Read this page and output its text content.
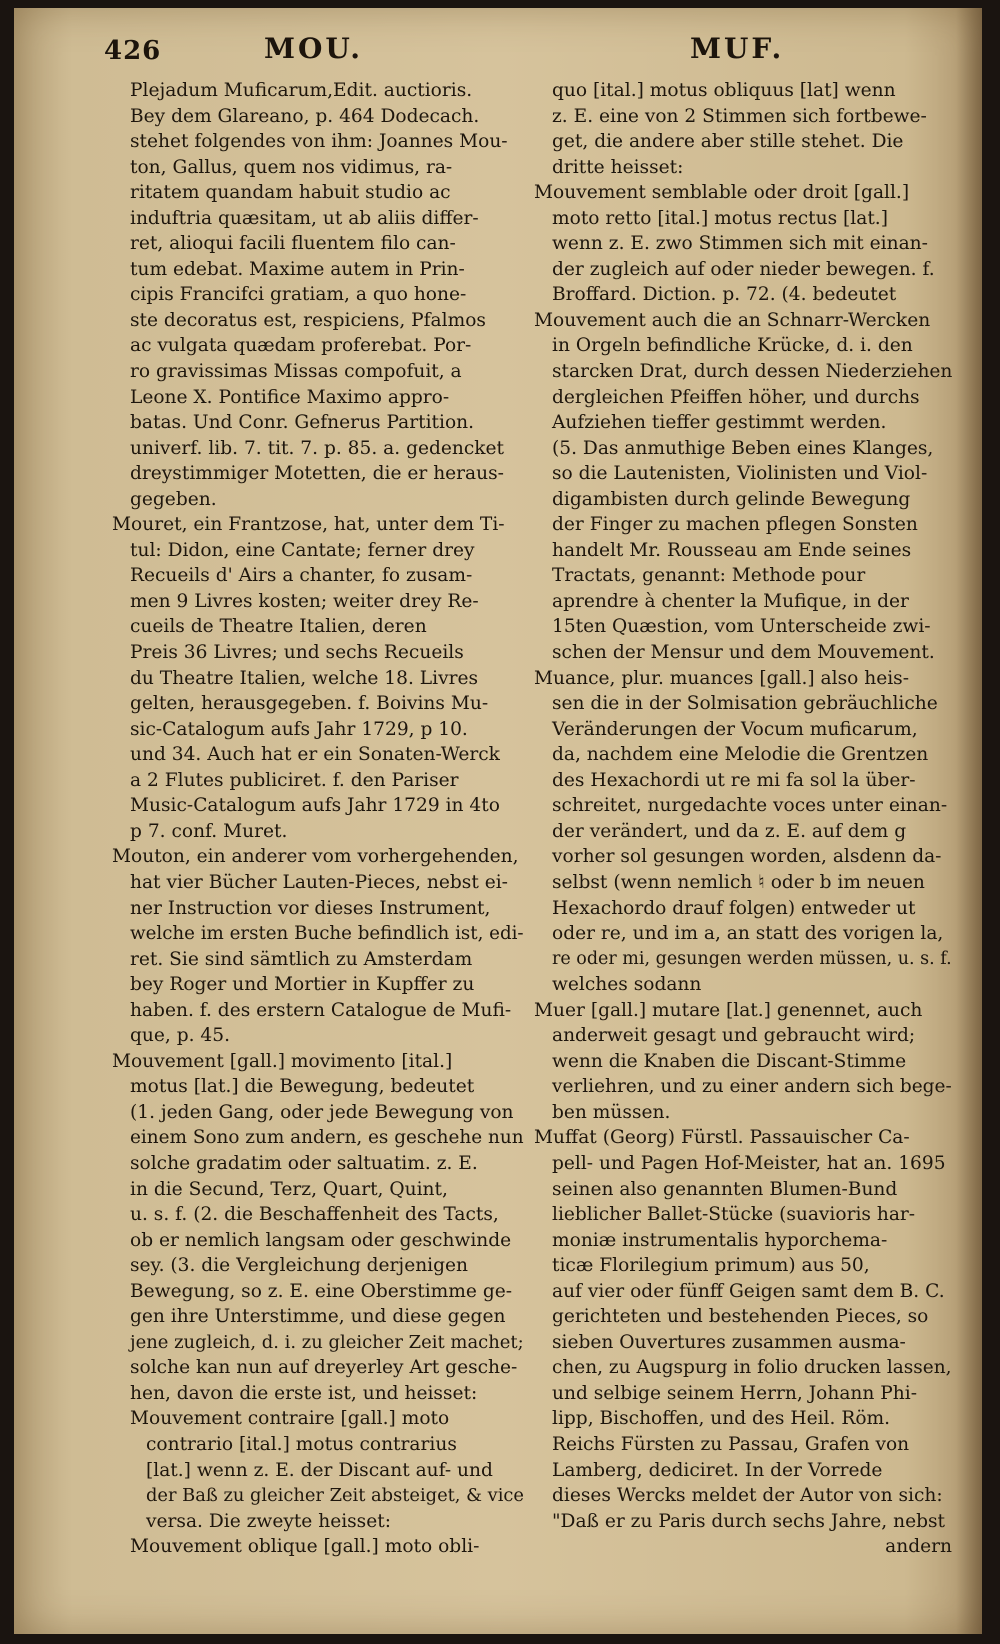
426	MOU.	MUF.
Plejadum Muficarum,Edit. auctioris.
Bey dem Glareano, p. 464 Dodecach.
stehet folgendes von ihm: Joannes Mou-
ton, Gallus, quem nos vidimus, ra-
ritatem quandam habuit studio ac
induftria quæsitam, ut ab aliis differ-
ret, alioqui facili fluentem filo can-
tum edebat. Maxime autem in Prin-
cipis Francifci gratiam, a quo hone-
ste decoratus est, respiciens, Pfalmos
ac vulgata quædam proferebat. Por-
ro gravissimas Missas compofuit, a
Leone X. Pontifice Maximo appro-
batas. Und Conr. Gefnerus Partition.
univerf. lib. 7. tit. 7. p. 85. a. gedencket
dreystimmiger Motetten, die er heraus-
gegeben.
Mouret, ein Frantzose, hat, unter dem Ti-
tul: Didon, eine Cantate; ferner drey
Recueils d' Airs a chanter, fo zusam-
men 9 Livres kosten; weiter drey Re-
cueils de Theatre Italien, deren
Preis 36 Livres; und sechs Recueils
du Theatre Italien, welche 18. Livres
gelten, herausgegeben. f. Boivins Mu-
sic-Catalogum aufs Jahr 1729, p 10.
und 34. Auch hat er ein Sonaten-Werck
a 2 Flutes publiciret. f. den Pariser
Music-Catalogum aufs Jahr 1729 in 4to
p 7. conf. Muret.
Mouton, ein anderer vom vorhergehenden,
hat vier Bücher Lauten-Pieces, nebst ei-
ner Instruction vor dieses Instrument,
welche im ersten Buche befindlich ist, edi-
ret. Sie sind sämtlich zu Amsterdam
bey Roger und Mortier in Kupffer zu
haben. f. des erstern Catalogue de Mufi-
que, p. 45.
Mouvement [gall.] movimento [ital.]
motus [lat.] die Bewegung, bedeutet
(1. jeden Gang, oder jede Bewegung von
einem Sono zum andern, es geschehe nun
solche gradatim oder saltuatim. z. E.
in die Secund, Terz, Quart, Quint,
u. s. f. (2. die Beschaffenheit des Tacts,
ob er nemlich langsam oder geschwinde
sey. (3. die Vergleichung derjenigen
Bewegung, so z. E. eine Oberstimme ge-
gen ihre Unterstimme, und diese gegen
jene zugleich, d. i. zu gleicher Zeit machet;
solche kan nun auf dreyerley Art gesche-
hen, davon die erste ist, und heisset:
Mouvement contraire [gall.] moto
contrario [ital.] motus contrarius
[lat.] wenn z. E. der Discant auf- und
der Baß zu gleicher Zeit absteiget, & vice
versa. Die zweyte heisset:
Mouvement oblique [gall.] moto obli-
quo [ital.] motus obliquus [lat] wenn
z. E. eine von 2 Stimmen sich fortbewe-
get, die andere aber stille stehet. Die
dritte heisset:
Mouvement semblable oder droit [gall.]
moto retto [ital.] motus rectus [lat.]
wenn z. E. zwo Stimmen sich mit einan-
der zugleich auf oder nieder bewegen. f.
Broffard. Diction. p. 72. (4. bedeutet
Mouvement auch die an Schnarr-Wercken
in Orgeln befindliche Krücke, d. i. den
starcken Drat, durch dessen Niederziehen
dergleichen Pfeiffen höher, und durchs
Aufziehen tieffer gestimmt werden.
(5. Das anmuthige Beben eines Klanges,
so die Lautenisten, Violinisten und Viol-
digambisten durch gelinde Bewegung
der Finger zu machen pflegen Sonsten
handelt Mr. Rousseau am Ende seines
Tractats, genannt: Methode pour
aprendre à chenter la Mufique, in der
15ten Quæstion, vom Unterscheide zwi-
schen der Mensur und dem Mouvement.
Muance, plur. muances [gall.] also heis-
sen die in der Solmisation gebräuchliche
Veränderungen der Vocum muficarum,
da, nachdem eine Melodie die Grentzen
des Hexachordi ut re mi fa sol la über-
schreitet, nurgedachte voces unter einan-
der verändert, und da z. E. auf dem g
vorher sol gesungen worden, alsdenn da-
selbst (wenn nemlich ♮ oder b im neuen
Hexachordo drauf folgen) entweder ut
oder re, und im a, an statt des vorigen la,
re oder mi, gesungen werden müssen, u. s. f.
welches sodann
Muer [gall.] mutare [lat.] genennet, auch
anderweit gesagt und gebraucht wird;
wenn die Knaben die Discant-Stimme
verliehren, und zu einer andern sich bege-
ben müssen.
Muffat (Georg) Fürstl. Passauischer Ca-
pell- und Pagen Hof-Meister, hat an. 1695
seinen also genannten Blumen-Bund
lieblicher Ballet-Stücke (suavioris har-
moniæ instrumentalis hyporchema-
ticæ Florilegium primum) aus 50,
auf vier oder fünff Geigen samt dem B. C.
gerichteten und bestehenden Pieces, so
sieben Ouvertures zusammen ausma-
chen, zu Augspurg in folio drucken lassen,
und selbige seinem Herrn, Johann Phi-
lipp, Bischoffen, und des Heil. Röm.
Reichs Fürsten zu Passau, Grafen von
Lamberg, dediciret. In der Vorrede
dieses Wercks meldet der Autor von sich:
"Daß er zu Paris durch sechs Jahre, nebst
andern
